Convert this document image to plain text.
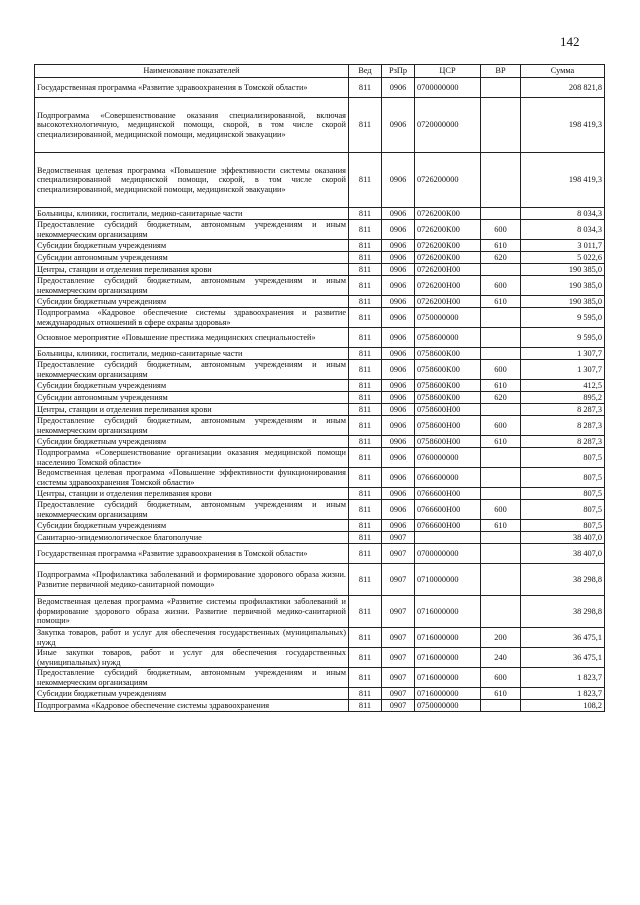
142
Наименование показателей	Вед	РзПр	ЦСР	ВР	Сумма
Государственная программа «Развитие здравоохранения в Томской области»	811	0906	0700000000		208 821,8
Подпрограмма «Совершенствование оказания специализированной, включая высокотехнологичную, медицинской помощи, скорой, в том числе скорой специализированной, медицинской помощи, медицинской эвакуации»	811	0906	0720000000		198 419,3
Ведомственная целевая программа «Повышение эффективности системы оказания специализированной медицинской помощи, скорой, в том числе скорой специализированной, медицинской помощи, медицинской эвакуации»	811	0906	0726200000		198 419,3
Больницы, клиники, госпитали, медико-санитарные части	811	0906	0726200К00		8 034,3
Предоставление субсидий бюджетным, автономным учреждениям и иным некоммерческим организациям	811	0906	0726200К00	600	8 034,3
Субсидии бюджетным учреждениям	811	0906	0726200К00	610	3 011,7
Субсидии автономным учреждениям	811	0906	0726200К00	620	5 022,6
Центры, станции и отделения переливания крови	811	0906	0726200Н00		190 385,0
Предоставление субсидий бюджетным, автономным учреждениям и иным некоммерческим организациям	811	0906	0726200Н00	600	190 385,0
Субсидии бюджетным учреждениям	811	0906	0726200Н00	610	190 385,0
Подпрограмма «Кадровое обеспечение системы здравоохранения и развитие международных отношений в сфере охраны здоровья»	811	0906	0750000000		9 595,0
Основное мероприятие «Повышение престижа медицинских специальностей»	811	0906	0758600000		9 595,0
Больницы, клиники, госпитали, медико-санитарные части	811	0906	0758600К00		1 307,7
Предоставление субсидий бюджетным, автономным учреждениям и иным некоммерческим организациям	811	0906	0758600К00	600	1 307,7
Субсидии бюджетным учреждениям	811	0906	0758600К00	610	412,5
Субсидии автономным учреждениям	811	0906	0758600К00	620	895,2
Центры, станции и отделения переливания крови	811	0906	0758600Н00		8 287,3
Предоставление субсидий бюджетным, автономным учреждениям и иным некоммерческим организациям	811	0906	0758600Н00	600	8 287,3
Субсидии бюджетным учреждениям	811	0906	0758600Н00	610	8 287,3
Подпрограмма «Совершенствование организации оказания медицинской помощи населению Томской области»	811	0906	0760000000		807,5
Ведомственная целевая программа «Повышение эффективности функционирования системы здравоохранения Томской области»	811	0906	0766600000		807,5
Центры, станции и отделения переливания крови	811	0906	0766600Н00		807,5
Предоставление субсидий бюджетным, автономным учреждениям и иным некоммерческим организациям	811	0906	0766600Н00	600	807,5
Субсидии бюджетным учреждениям	811	0906	0766600Н00	610	807,5
Санитарно-эпидемиологическое благополучие	811	0907			38 407,0
Государственная программа «Развитие здравоохранения в Томской области»	811	0907	0700000000		38 407,0
Подпрограмма «Профилактика заболеваний и формирование здорового образа жизни. Развитие первичной медико-санитарной помощи»	811	0907	0710000000		38 298,8
Ведомственная целевая программа «Развитие системы профилактики заболеваний и формирование здорового образа жизни. Развитие первичной медико-санитарной помощи»	811	0907	0716000000		38 298,8
Закупка товаров, работ и услуг для обеспечения государственных (муниципальных) нужд	811	0907	0716000000	200	36 475,1
Иные закупки товаров, работ и услуг для обеспечения государственных (муниципальных) нужд	811	0907	0716000000	240	36 475,1
Предоставление субсидий бюджетным, автономным учреждениям и иным некоммерческим организациям	811	0907	0716000000	600	1 823,7
Субсидии бюджетным учреждениям	811	0907	0716000000	610	1 823,7
Подпрограмма «Кадровое обеспечение системы здравоохранения	811	0907	0750000000		108,2
